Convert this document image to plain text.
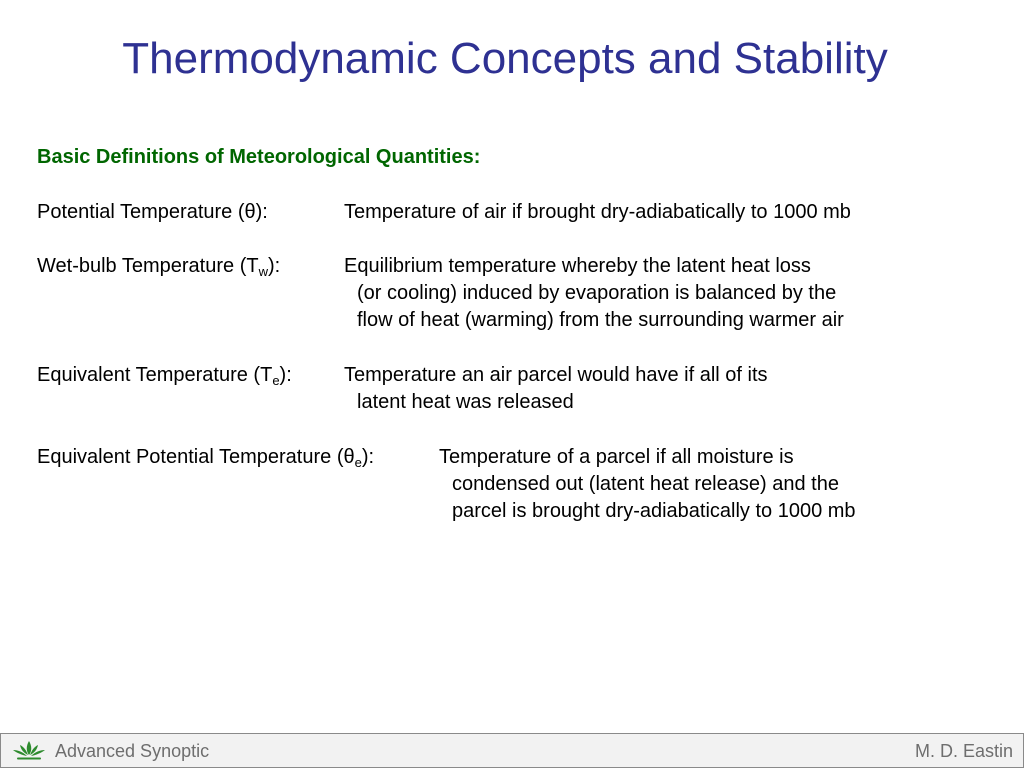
Thermodynamic Concepts and Stability
Basic Definitions of Meteorological Quantities:
Potential Temperature (θ):	Temperature of air if brought dry-adiabatically to 1000 mb
Wet-bulb Temperature $(T_w)$:	Equilibrium temperature whereby the latent heat loss
(or cooling) induced by evaporation is balanced by the
flow of heat (warming) from the surrounding warmer air
Equivalent Temperature $(T_e)$:	Temperature an air parcel would have if all of its
latent heat was released
Equivalent Potential Temperature $(\theta_e)$:	Temperature of a parcel if all moisture is
condensed out (latent heat release) and the
parcel is brought dry-adiabatically to 1000 mb
Advanced Synoptic	M. D. Eastin
